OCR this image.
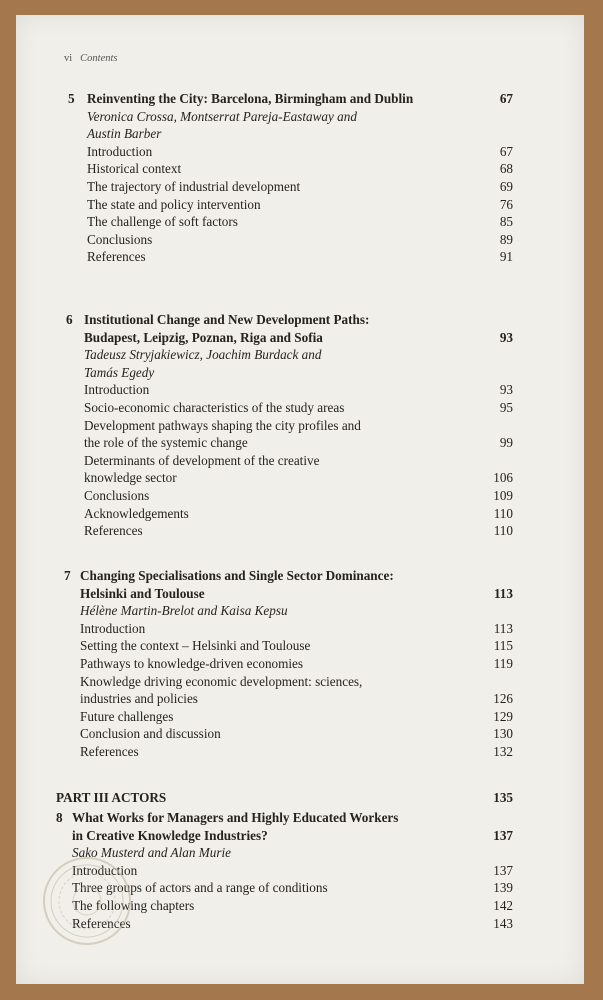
vi Contents
5 Reinventing the City: Barcelona, Birmingham and Dublin	67
Veronica Crossa, Montserrat Pareja-Eastaway and
Austin Barber
Introduction	67
Historical context	68
The trajectory of industrial development	69
The state and policy intervention	76
The challenge of soft factors	85
Conclusions	89
References	91
6 Institutional Change and New Development Paths:
Budapest, Leipzig, Poznan, Riga and Sofia	93
Tadeusz Stryjakiewicz, Joachim Burdack and
Tamás Egedy
Introduction	93
Socio-economic characteristics of the study areas	95
Development pathways shaping the city profiles and
the role of the systemic change	99
Determinants of development of the creative
knowledge sector	106
Conclusions	109
Acknowledgements	110
References	110
7 Changing Specialisations and Single Sector Dominance:
Helsinki and Toulouse	113
Hélène Martin-Brelot and Kaisa Kepsu
Introduction	113
Setting the context – Helsinki and Toulouse	115
Pathways to knowledge-driven economies	119
Knowledge driving economic development: sciences,
industries and policies	126
Future challenges	129
Conclusion and discussion	130
References	132
PART III ACTORS	135
8 What Works for Managers and Highly Educated Workers
in Creative Knowledge Industries?	137
Sako Musterd and Alan Murie
Introduction	137
Three groups of actors and a range of conditions	139
The following chapters	142
References	143
